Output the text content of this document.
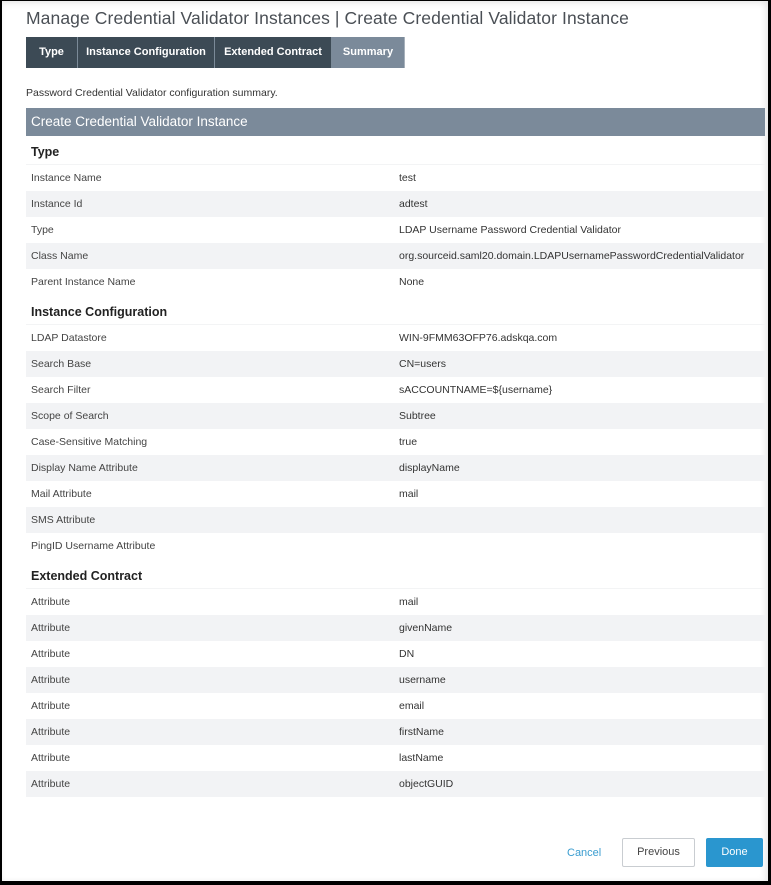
Manage Credential Validator Instances | Create Credential Validator Instance
Type	Instance Configuration	Extended Contract	Summary
Password Credential Validator configuration summary.
Create Credential Validator Instance
Type
Instance Name	test
Instance Id	adtest
Type	LDAP Username Password Credential Validator
Class Name	org.sourceid.saml20.domain.LDAPUsernamePasswordCredentialValidator
Parent Instance Name	None
Instance Configuration
LDAP Datastore	WIN-9FMM63OFP76.adskqa.com
Search Base	CN=users
Search Filter	sACCOUNTNAME=${username}
Scope of Search	Subtree
Case-Sensitive Matching	true
Display Name Attribute	displayName
Mail Attribute	mail
SMS Attribute
PingID Username Attribute
Extended Contract
Attribute	mail
Attribute	givenName
Attribute	DN
Attribute	username
Attribute	email
Attribute	firstName
Attribute	lastName
Attribute	objectGUID
Cancel	Previous	Done
